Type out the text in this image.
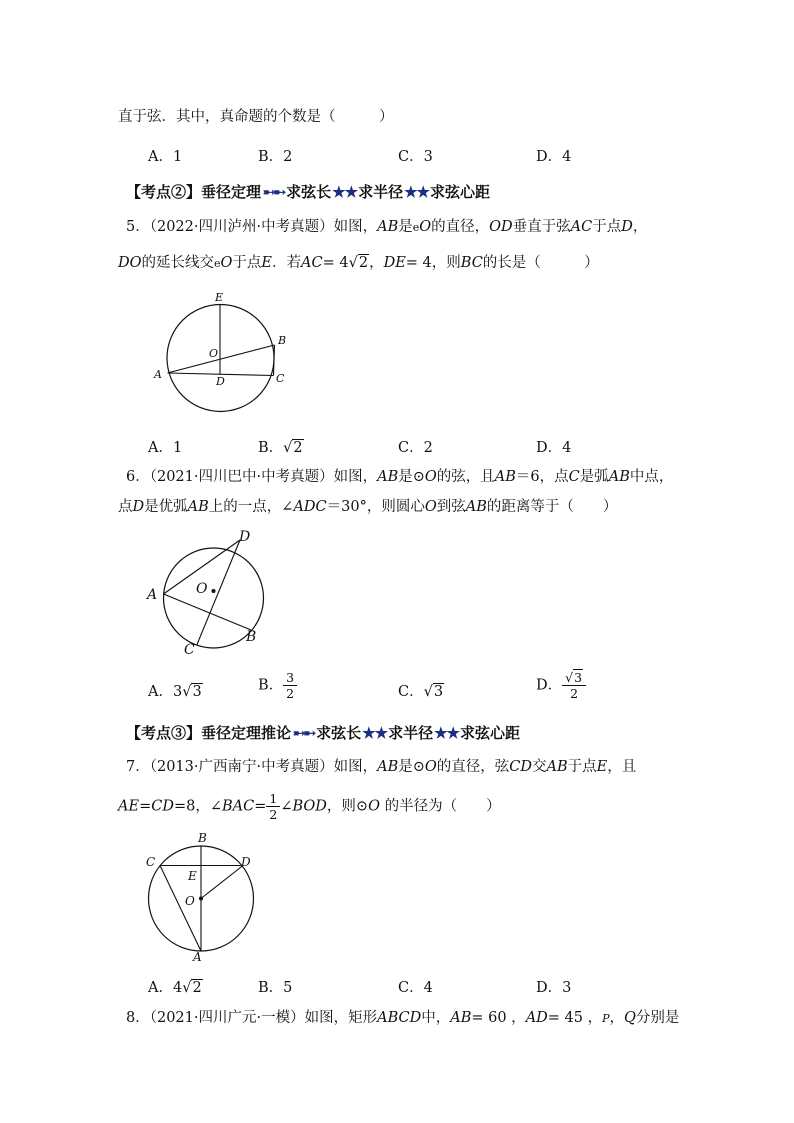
直于弦．其中，真命题的个数是（　　　）
A．1	B．2	C．3	D．4
【考点②】垂径定理 ➸➸ 求弦长★★求半径★★求弦心距
5．（2022·四川泸州·中考真题）如图，AB是eO的直径，OD垂直于弦AC于点D，
DO的延长线交eO于点E．若AC= 4√2，DE= 4，则BC的长是（　　　）
E
O
B
A
D	C
A．1	B．√2	C．2	D．4
6．（2021·四川巴中·中考真题）如图，AB是⊙O的弦，且AB＝6，点C是弧AB中点，
点D是优弧AB上的一点，∠ADC＝30°，则圆心O到弦AB的距离等于（　　）
D
O
A
B
C
A．3√3	B． $\frac{3}{2}$	C．√3	D． $\frac{√3}{2}$
【考点③】垂径定理推论 ➸➸ 求弦长★★求半径★★求弦心距
7．（2013·广西南宁·中考真题）如图，AB是⊙O的直径，弦CD交AB于点E，且
AE=CD=8，∠BAC= $\frac{1}{2}$ ∠BOD，则⊙O 的半径为（　　）
B
C	D
E
O
A
A．4√2	B．5	C．4	D．3
8．（2021·四川广元·一模）如图，矩形ABCD中，AB= 60 ，AD= 45 ，P，Q分别是
